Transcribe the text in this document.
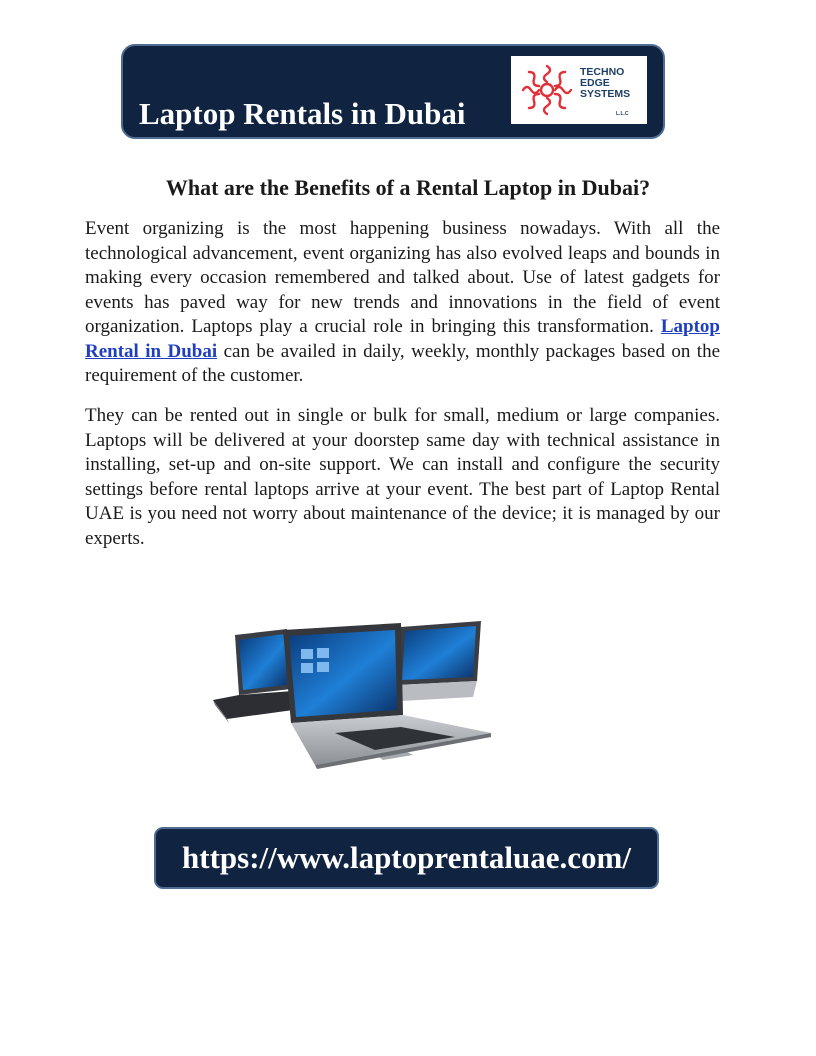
Laptop Rentals in Dubai
TECHNO
EDGE
SYSTEMS
L.L.C
What are the Benefits of a Rental Laptop in Dubai?

Event organizing is the most happening business nowadays. With all the technological advancement, event organizing has also evolved leaps and bounds in making every occasion remembered and talked about. Use of latest gadgets for events has paved way for new trends and innovations in the field of event organization. Laptops play a crucial role in bringing this transformation. Laptop Rental in Dubai can be availed in daily, weekly, monthly packages based on the requirement of the customer.

They can be rented out in single or bulk for small, medium or large companies. Laptops will be delivered at your doorstep same day with technical assistance in installing, set-up and on-site support. We can install and configure the security settings before rental laptops arrive at your event. The best part of Laptop Rental UAE is you need not worry about maintenance of the device; it is managed by our experts.

https://www.laptoprentaluae.com/
